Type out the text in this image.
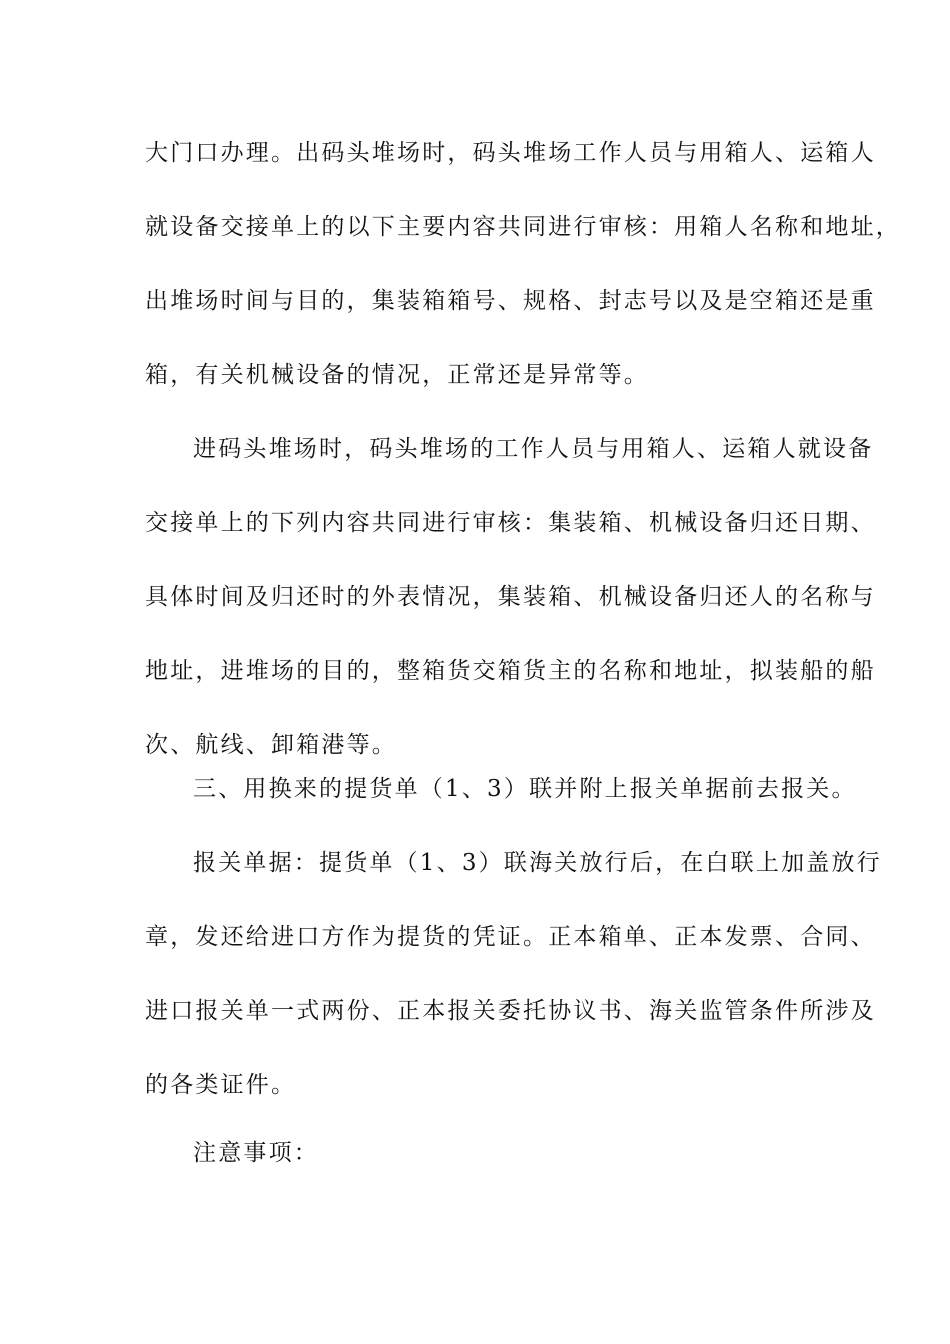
大门口办理。出码头堆场时，码头堆场工作人员与用箱人、运箱人
就设备交接单上的以下主要内容共同进行审核：用箱人名称和地址，
出堆场时间与目的，集装箱箱号、规格、封志号以及是空箱还是重
箱，有关机械设备的情况，正常还是异常等。
进码头堆场时，码头堆场的工作人员与用箱人、运箱人就设备
交接单上的下列内容共同进行审核：集装箱、机械设备归还日期、
具体时间及归还时的外表情况，集装箱、机械设备归还人的名称与
地址，进堆场的目的，整箱货交箱货主的名称和地址，拟装船的船
次、航线、卸箱港等。
三、用换来的提货单（1、3）联并附上报关单据前去报关。
报关单据：提货单（1、3）联海关放行后，在白联上加盖放行
章，发还给进口方作为提货的凭证。正本箱单、正本发票、合同、
进口报关单一式两份、正本报关委托协议书、海关监管条件所涉及
的各类证件。
注意事项：
